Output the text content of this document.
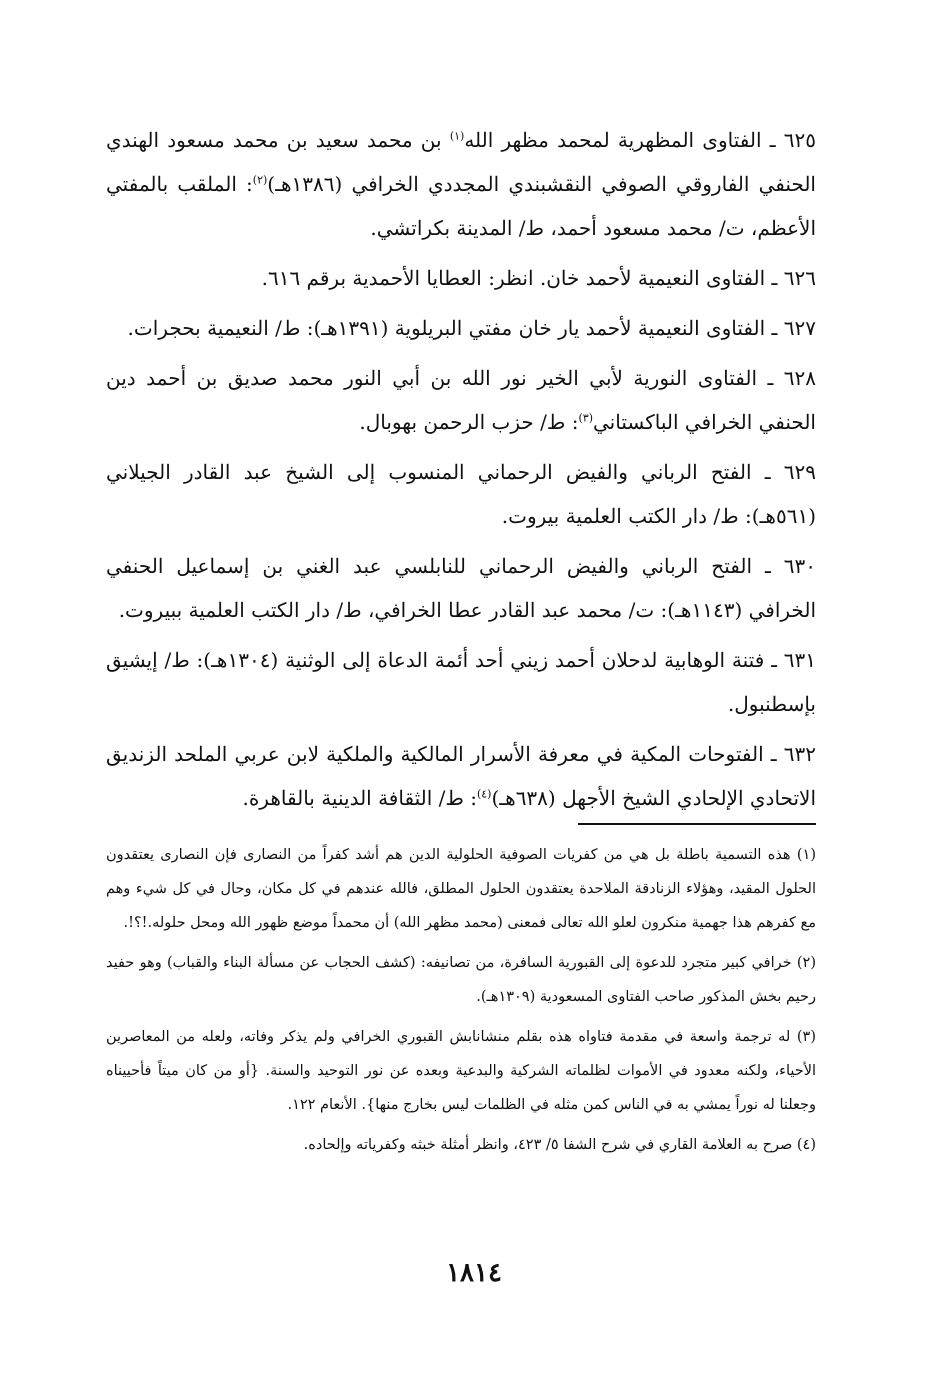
٦٢٥ ـ الفتاوى المظهرية لمحمد مظهر الله$^{(١)}$ بن محمد سعيد بن محمد مسعود الهندي الحنفي الفاروقي الصوفي النقشبندي المجددي الخرافي (١٣٨٦هـ)$^{(٢)}$: الملقب بالمفتي الأعظم، ت/ محمد مسعود أحمد، ط/ المدينة بكراتشي.

٦٢٦ ـ الفتاوى النعيمية لأحمد خان. انظر: العطايا الأحمدية برقم ٦١٦.

٦٢٧ ـ الفتاوى النعيمية لأحمد يار خان مفتي البريلوية (١٣٩١هـ): ط/ النعيمية بحجرات.

٦٢٨ ـ الفتاوى النورية لأبي الخير نور الله بن أبي النور محمد صديق بن أحمد دين الحنفي الخرافي الباكستاني$^{(٣)}$: ط/ حزب الرحمن بهوبال.

٦٢٩ ـ الفتح الرباني والفيض الرحماني المنسوب إلى الشيخ عبد القادر الجيلاني (٥٦١هـ): ط/ دار الكتب العلمية بيروت.

٦٣٠ ـ الفتح الرباني والفيض الرحماني للنابلسي عبد الغني بن إسماعيل الحنفي الخرافي (١١٤٣هـ): ت/ محمد عبد القادر عطا الخرافي، ط/ دار الكتب العلمية ببيروت.

٦٣١ ـ فتنة الوهابية لدحلان أحمد زيني أحد أئمة الدعاة إلى الوثنية (١٣٠٤هـ): ط/ إيشيق بإسطنبول.

٦٣٢ ـ الفتوحات المكية في معرفة الأسرار المالكية والملكية لابن عربي الملحد الزنديق الاتحادي الإلحادي الشيخ الأجهل (٦٣٨هـ)$^{(٤)}$: ط/ الثقافة الدينية بالقاهرة.

(١) هذه التسمية باطلة بل هي من كفريات الصوفية الحلولية الدين هم أشد كفراً من النصارى فإن النصارى يعتقدون الحلول المقيد، وهؤلاء الزنادقة الملاحدة يعتقدون الحلول المطلق، فالله عندهم في كل مكان، وحال في كل شيء وهم مع كفرهم هذا جهمية منكرون لعلو الله تعالى فمعنى (محمد مظهر الله) أن محمداً موضع ظهور الله ومحل حلوله.!؟!.

(٢) خرافي كبير متجرد للدعوة إلى القبورية السافرة، من تصانيفه: (كشف الحجاب عن مسألة البناء والقباب) وهو حفيد رحيم بخش المذكور صاحب الفتاوى المسعودية (١٣٠٩هـ).

(٣) له ترجمة واسعة في مقدمة فتاواه هذه بقلم منشانابش القبوري الخرافي ولم يذكر وفاته، ولعله من المعاصرين الأحياء، ولكنه معدود في الأموات لظلماته الشركية والبدعية وبعده عن نور التوحيد والسنة. {أو من كان ميتاً فأحييناه وجعلنا له نوراً يمشي به في الناس كمن مثله في الظلمات ليس بخارج منها}. الأنعام ١٢٢.

(٤) صرح به العلامة القاري في شرح الشفا ٥/ ٤٢٣، وانظر أمثلة خبثه وكفرياته وإلحاده.

١٨١٤
